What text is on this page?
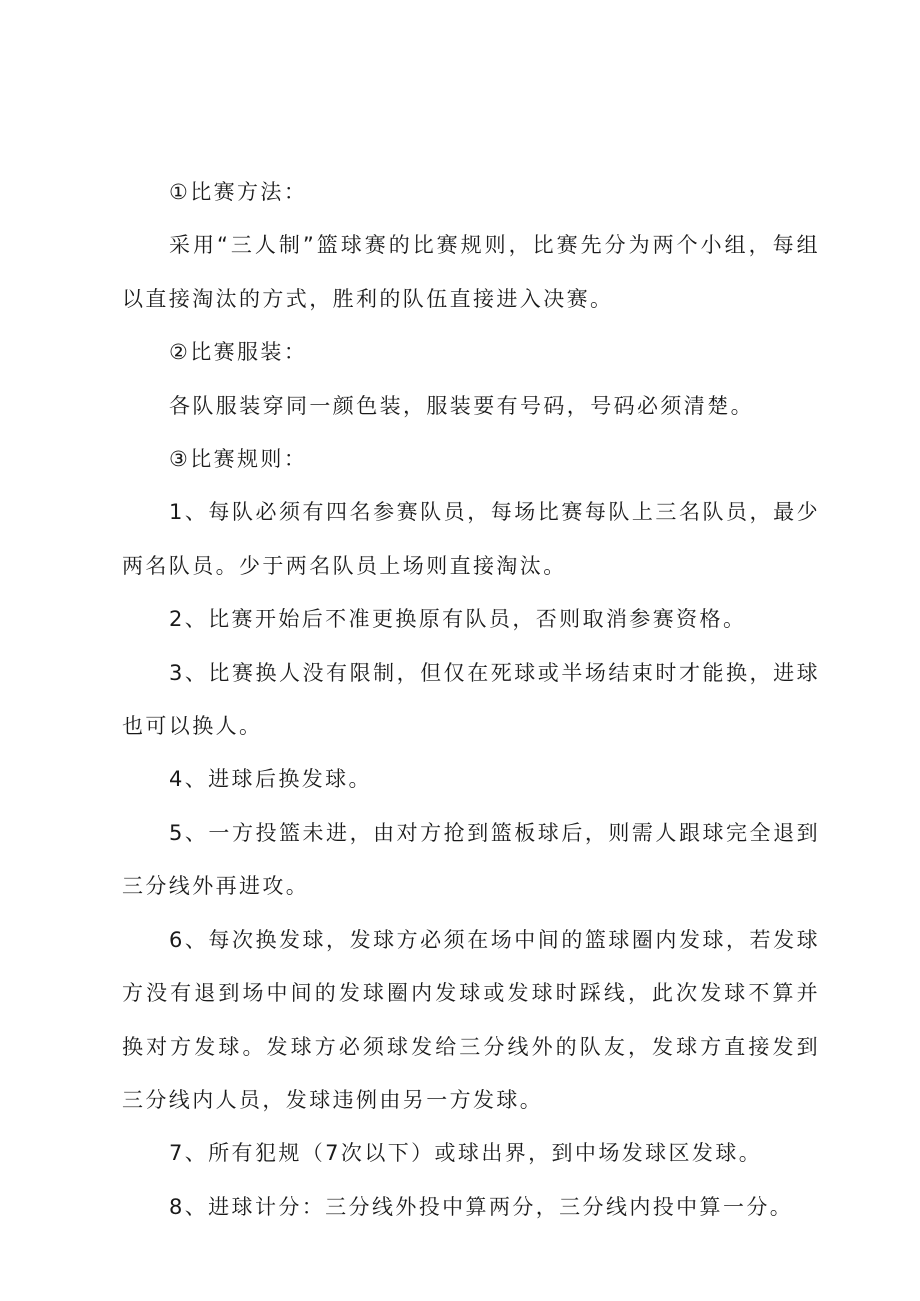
①比赛方法：

采用“三人制”篮球赛的比赛规则，比赛先分为两个小组，每组以直接淘汰的方式，胜利的队伍直接进入决赛。

②比赛服装：

各队服装穿同一颜色装，服装要有号码，号码必须清楚。

③比赛规则：

1、每队必须有四名参赛队员，每场比赛每队上三名队员，最少两名队员。少于两名队员上场则直接淘汰。

2、比赛开始后不准更换原有队员，否则取消参赛资格。

3、比赛换人没有限制，但仅在死球或半场结束时才能换，进球也可以换人。

4、进球后换发球。

5、一方投篮未进，由对方抢到篮板球后，则需人跟球完全退到三分线外再进攻。

6、每次换发球，发球方必须在场中间的篮球圈内发球，若发球方没有退到场中间的发球圈内发球或发球时踩线，此次发球不算并换对方发球。发球方必须球发给三分线外的队友，发球方直接发到三分线内人员，发球违例由另一方发球。

7、所有犯规（7次以下）或球出界，到中场发球区发球。

8、进球计分：三分线外投中算两分，三分线内投中算一分。
